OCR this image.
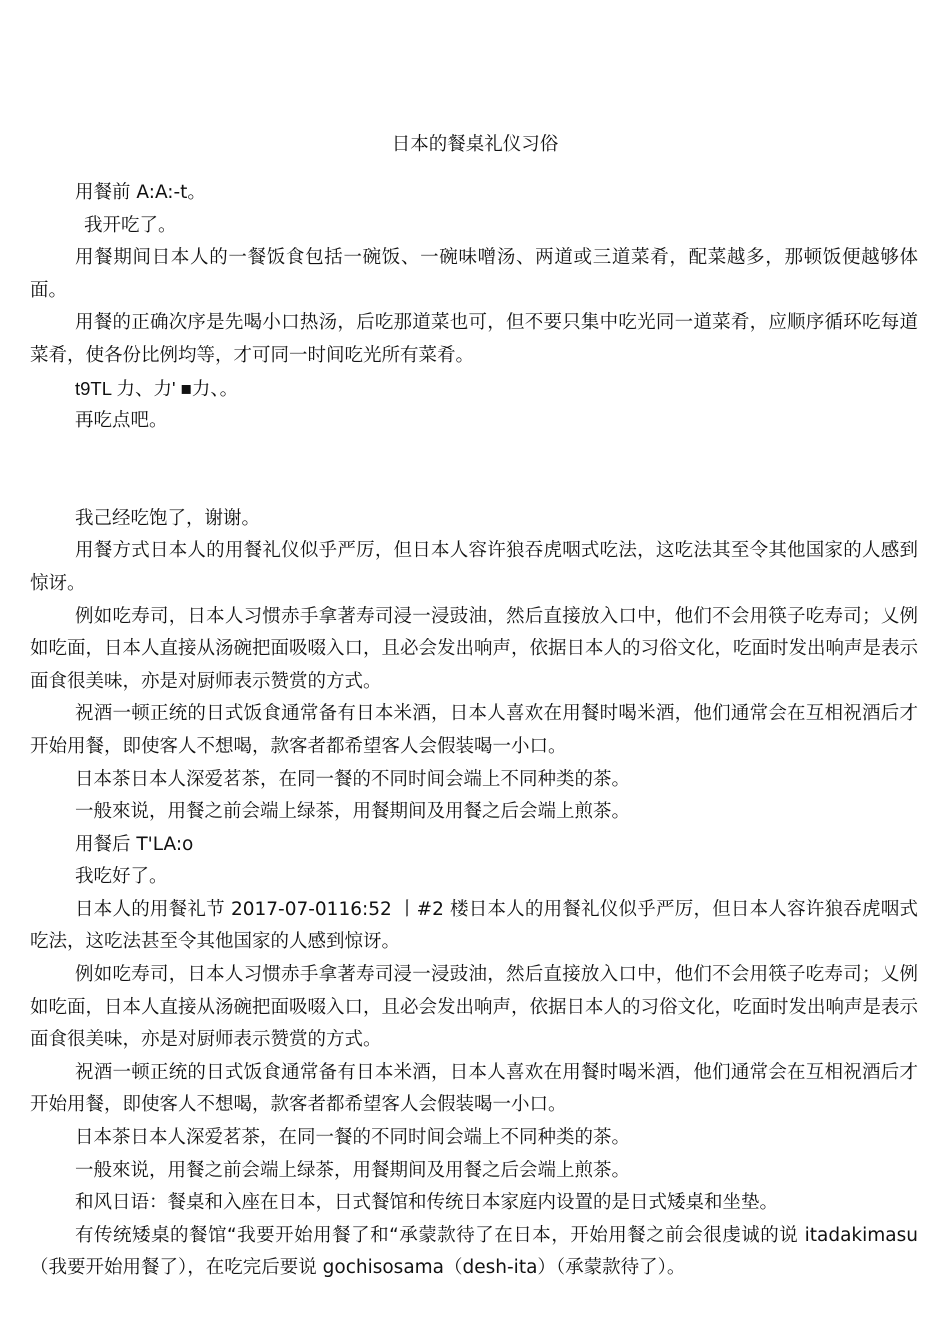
日本的餐桌礼仪习俗

用餐前 A:A:-t。

我开吃了。

用餐期间日本人的一餐饭食包括一碗饭、一碗味噌汤、两道或三道菜肴，配菜越多，那顿饭便越够体面。

用餐的正确次序是先喝小口热汤，后吃那道菜也可，但不要只集中吃光同一道菜肴，应顺序循环吃每道菜肴，使各份比例均等，才可同一时间吃光所有菜肴。

t9TL 力、力' ■力、。

再吃点吧。

我己经吃饱了，谢谢。

用餐方式日本人的用餐礼仪似乎严厉，但日本人容许狼吞虎咽式吃法，这吃法其至令其他国家的人感到惊讶。

例如吃寿司，日本人习惯赤手拿著寿司浸一浸豉油，然后直接放入口中，他们不会用筷子吃寿司；乂例如吃面，日本人直接从汤碗把面吸啜入口，且必会发出响声，依据日本人的习俗文化，吃面时发出响声是表示面食很美味，亦是对厨师表示赞赏的方式。

祝酒一顿正统的日式饭食通常备有日本米酒，日本人喜欢在用餐时喝米酒，他们通常会在互相祝酒后才开始用餐，即使客人不想喝，款客者都希望客人会假装喝一小口。

日本茶日本人深爱茗茶，在同一餐的不同时间会端上不同种类的茶。

一般來说，用餐之前会端上绿茶，用餐期间及用餐之后会端上煎茶。

用餐后 T'LA:o

我吃好了。

日本人的用餐礼节 2017-07-0116:52 丨#2 楼日本人的用餐礼仪似乎严厉，但日本人容许狼吞虎咽式吃法，这吃法甚至令其他国家的人感到惊讶。

例如吃寿司，日本人习惯赤手拿著寿司浸一浸豉油，然后直接放入口中，他们不会用筷子吃寿司；乂例如吃面，日本人直接从汤碗把面吸啜入口，且必会发出响声，依据日本人的习俗文化，吃面时发出响声是表示面食很美味，亦是对厨师表示赞赏的方式。

祝酒一顿正统的日式饭食通常备有日本米酒，日本人喜欢在用餐时喝米酒，他们通常会在互相祝酒后才开始用餐，即使客人不想喝，款客者都希望客人会假装喝一小口。

日本茶日本人深爱茗茶，在同一餐的不同时间会端上不同种类的茶。

一般來说，用餐之前会端上绿茶，用餐期间及用餐之后会端上煎茶。

和风日语：餐桌和入座在日本，日式餐馆和传统日本家庭内设置的是日式矮桌和坐垫。

有传统矮桌的餐馆“我要开始用餐了和“承蒙款待了在日本，开始用餐之前会很虔诚的说 itadakimasu（我要开始用餐了），在吃完后要说 gochisosama（desh-ita）（承蒙款待了）。
